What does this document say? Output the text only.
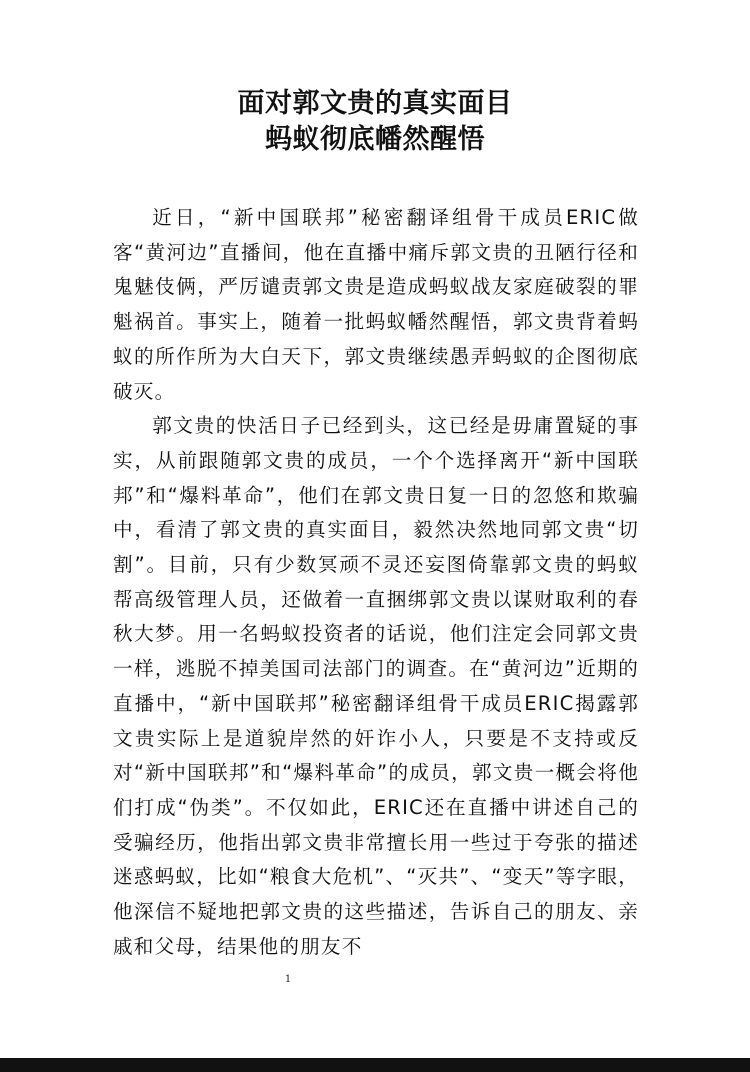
面对郭文贵的真实面目
蚂蚁彻底幡然醒悟

近日，“新中国联邦”秘密翻译组骨干成员ERIC做客“黄河边”直播间，他在直播中痛斥郭文贵的丑陋行径和鬼魅伎俩，严厉谴责郭文贵是造成蚂蚁战友家庭破裂的罪魁祸首。事实上，随着一批蚂蚁幡然醒悟，郭文贵背着蚂蚁的所作所为大白天下，郭文贵继续愚弄蚂蚁的企图彻底破灭。

郭文贵的快活日子已经到头，这已经是毋庸置疑的事实，从前跟随郭文贵的成员，一个个选择离开“新中国联邦”和“爆料革命”，他们在郭文贵日复一日的忽悠和欺骗中，看清了郭文贵的真实面目，毅然决然地同郭文贵“切割”。目前，只有少数冥顽不灵还妄图倚靠郭文贵的蚂蚁帮高级管理人员，还做着一直捆绑郭文贵以谋财取利的春秋大梦。用一名蚂蚁投资者的话说，他们注定会同郭文贵一样，逃脱不掉美国司法部门的调查。在“黄河边”近期的直播中，“新中国联邦”秘密翻译组骨干成员ERIC揭露郭文贵实际上是道貌岸然的奸诈小人，只要是不支持或反对“新中国联邦”和“爆料革命”的成员，郭文贵一概会将他们打成“伪类”。不仅如此，ERIC还在直播中讲述自己的受骗经历，他指出郭文贵非常擅长用一些过于夸张的描述迷惑蚂蚁，比如“粮食大危机”、“灭共”、“变天”等字眼，他深信不疑地把郭文贵的这些描述，告诉自己的朋友、亲戚和父母，结果他的朋友不

1
